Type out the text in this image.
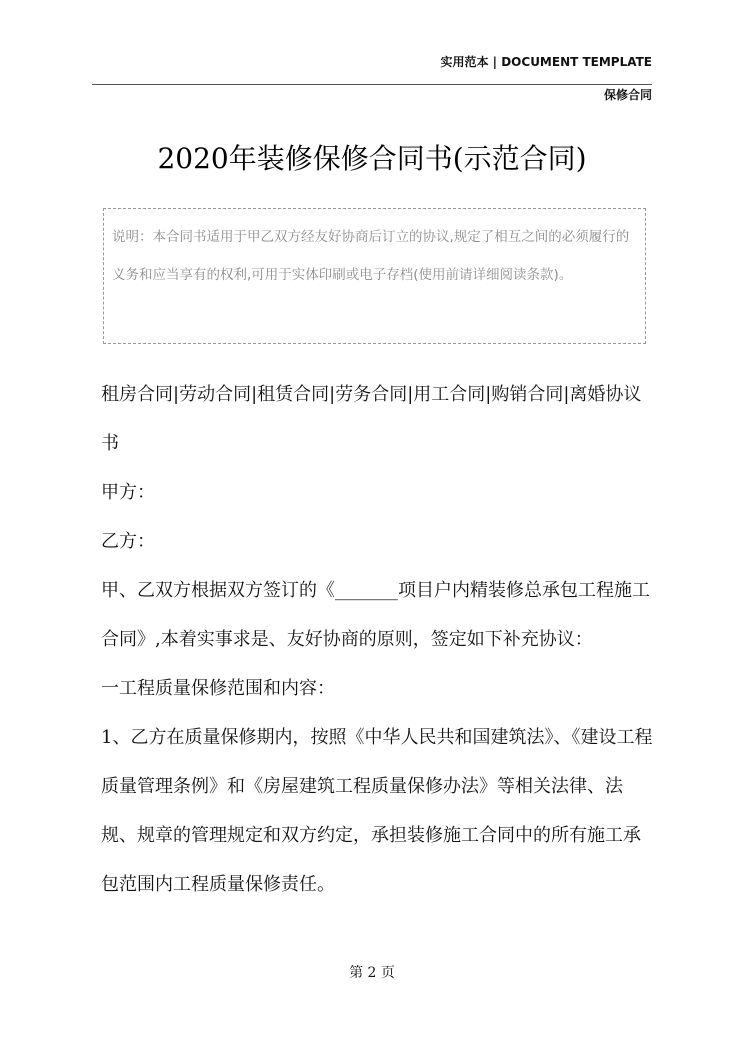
实用范本 | DOCUMENT TEMPLATE
保修合同
2020年装修保修合同书(示范合同)
说明：本合同书适用于甲乙双方经友好协商后订立的协议,规定了相互之间的必须履行的义务和应当享有的权利,可用于实体印刷或电子存档(使用前请详细阅读条款)。

租房合同|劳动合同|租赁合同|劳务合同|用工合同|购销合同|离婚协议书

甲方：

乙方：

甲、乙双方根据双方签订的《_______项目户内精装修总承包工程施工合同》,本着实事求是、友好协商的原则，签定如下补充协议：

一工程质量保修范围和内容：

1、乙方在质量保修期内，按照《中华人民共和国建筑法》、《建设工程质量管理条例》和《房屋建筑工程质量保修办法》等相关法律、法规、规章的管理规定和双方约定，承担装修施工合同中的所有施工承包范围内工程质量保修责任。

第 2 页
